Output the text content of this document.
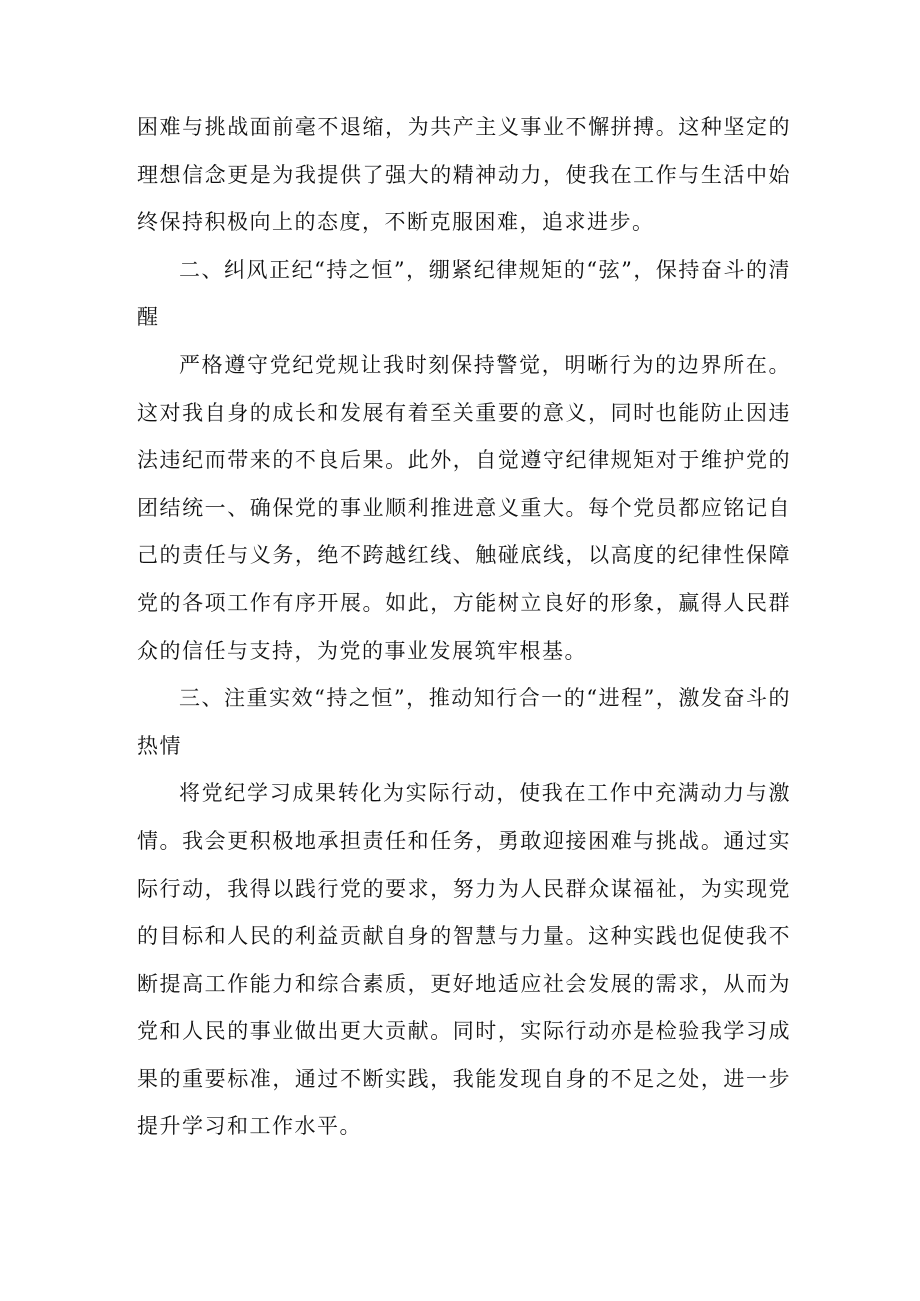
困难与挑战面前毫不退缩，为共产主义事业不懈拼搏。这种坚定的理想信念更是为我提供了强大的精神动力，使我在工作与生活中始终保持积极向上的态度，不断克服困难，追求进步。

二、纠风正纪“持之恒”，绷紧纪律规矩的“弦”，保持奋斗的清醒

严格遵守党纪党规让我时刻保持警觉，明晰行为的边界所在。这对我自身的成长和发展有着至关重要的意义，同时也能防止因违法违纪而带来的不良后果。此外，自觉遵守纪律规矩对于维护党的团结统一、确保党的事业顺利推进意义重大。每个党员都应铭记自己的责任与义务，绝不跨越红线、触碰底线，以高度的纪律性保障党的各项工作有序开展。如此，方能树立良好的形象，赢得人民群众的信任与支持，为党的事业发展筑牢根基。

三、注重实效“持之恒”，推动知行合一的“进程”，激发奋斗的热情

将党纪学习成果转化为实际行动，使我在工作中充满动力与激情。我会更积极地承担责任和任务，勇敢迎接困难与挑战。通过实际行动，我得以践行党的要求，努力为人民群众谋福祉，为实现党的目标和人民的利益贡献自身的智慧与力量。这种实践也促使我不断提高工作能力和综合素质，更好地适应社会发展的需求，从而为党和人民的事业做出更大贡献。同时，实际行动亦是检验我学习成果的重要标准，通过不断实践，我能发现自身的不足之处，进一步提升学习和工作水平。
